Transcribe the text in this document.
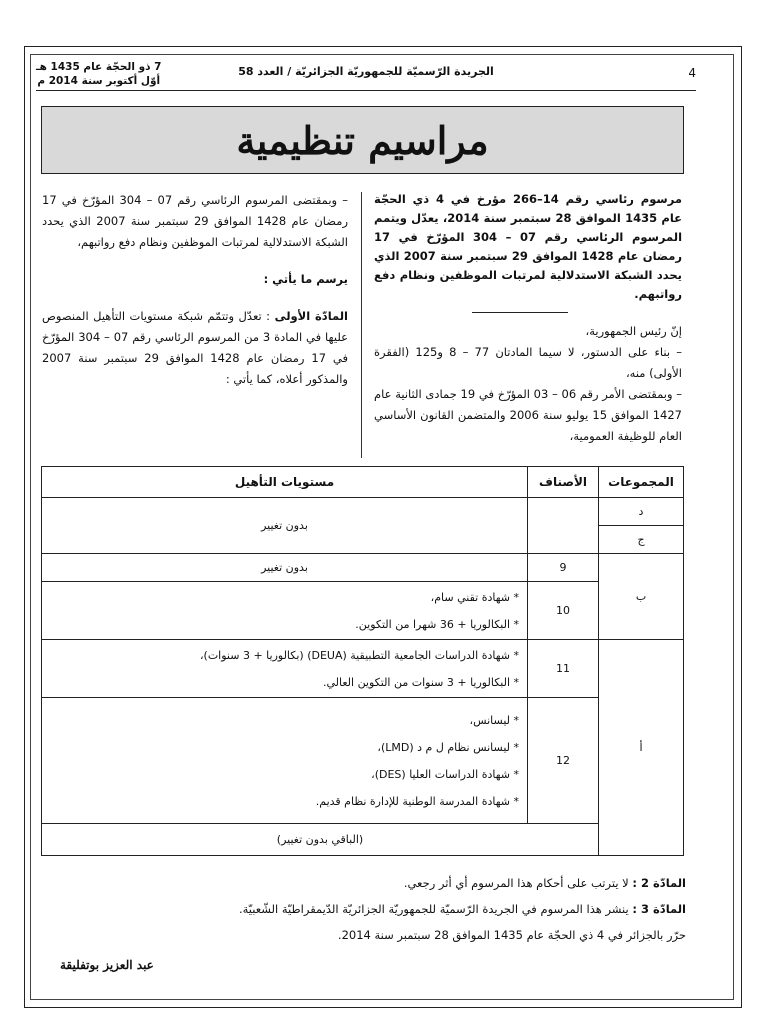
4
الجريدة الرّسميّة للجمهوريّة الجزائريّة / العدد 58
7 ذو الحجّة عام 1435 هـ
أوّل أكتوبر سنة 2014 م
مراسيم تنظيمية

مرسوم رئاسي رقم 14–266 مؤرخ في 4 ذي الحجّة عام 1435 الموافق 28 سبتمبر سنة 2014، يعدّل ويتمم المرسوم الرئاسي رقم 07 – 304 المؤرّخ في 17 رمضان عام 1428 الموافق 29 سبتمبر سنة 2007 الذي يحدد الشبكة الاستدلالية لمرتبات الموظفين ونظام دفع رواتبهم.

إنّ رئيس الجمهورية،

– بناء على الدستور، لا سيما المادتان 77 – 8 و125 (الفقرة الأولى) منه،

– وبمقتضى الأمر رقم 06 – 03 المؤرّخ في 19 جمادى الثانية عام 1427 الموافق 15 يوليو سنة 2006 والمتضمن القانون الأساسي العام للوظيفة العمومية،

– وبمقتضى المرسوم الرئاسي رقم 07 – 304 المؤرّخ في 17 رمضان عام 1428 الموافق 29 سبتمبر سنة 2007 الذي يحدد الشبكة الاستدلالية لمرتبات الموظفين ونظام دفع رواتبهم،

يرسم ما يأتي :

المادّة الأولى : تعدّل وتتمّم شبكة مستويات التأهيل المنصوص عليها في المادة 3 من المرسوم الرئاسي رقم 07 – 304 المؤرّخ في 17 رمضان عام 1428 الموافق 29 سبتمبر سنة 2007 والمذكور أعلاه، كما يأتي :

المجموعات	الأصناف	مستويات التأهيل
د		بدون تغيير
ج		
ب	9	بدون تغيير
	10	* شهادة تقني سام،
* البكالوريا + 36 شهرا من التكوين.

أ	11	* شهادة الدراسات الجامعية التطبيقية (DEUA) (بكالوريا + 3 سنوات)،
* البكالوريا + 3 سنوات من التكوين العالي.

	12	* ليسانس،
* ليسانس نظام ل م د (LMD)،
* شهادة الدراسات العليا (DES)،
* شهادة المدرسة الوطنية للإدارة نظام قديم.

	(الباقي بدون تغيير)	

المادّة 2 : لا يترتب على أحكام هذا المرسوم أي أثر رجعي.

المادّة 3 : ينشر هذا المرسوم في الجريدة الرّسميّة للجمهوريّة الجزائريّة الدّيمقراطيّة الشّعبيّة.

حرّر بالجزائر في 4 ذي الحجّة عام 1435 الموافق 28 سبتمبر سنة 2014.

عبد العزيز بوتفليقة
